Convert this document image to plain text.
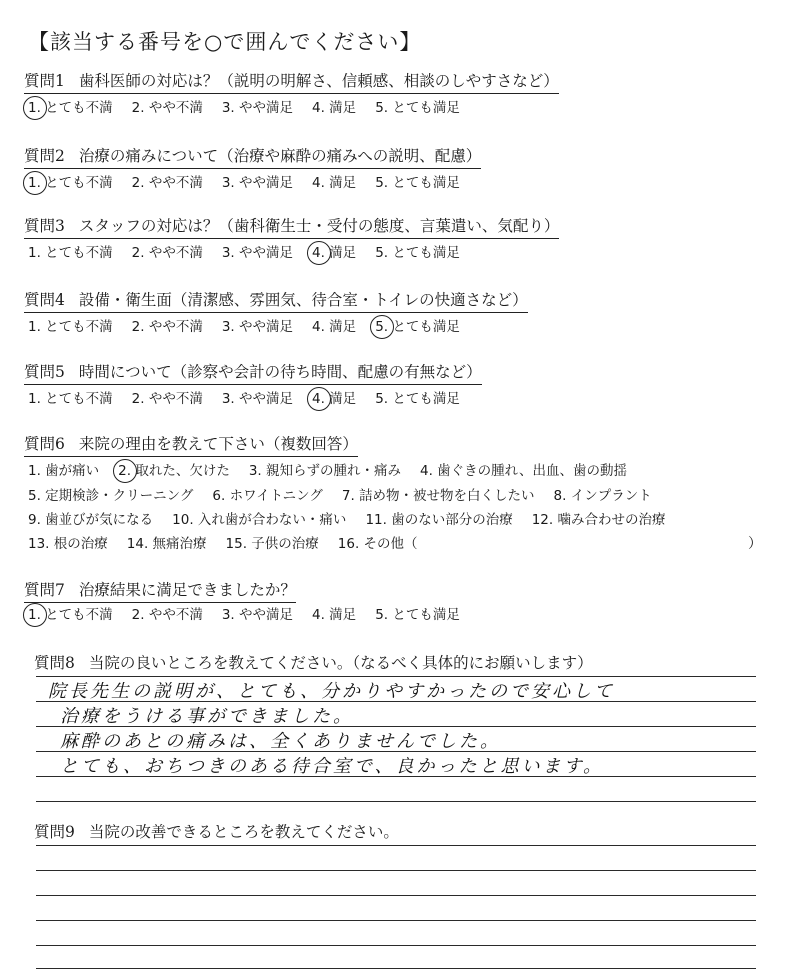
【該当する番号を○で囲んでください】
質問1 歯科医師の対応は？（説明の明解さ、信頼感、相談のしやすさなど）
1. とても不満 2. やや不満 3. やや満足 4. 満足 5. とても満足
質問2 治療の痛みについて（治療や麻酔の痛みへの説明、配慮）
1. とても不満 2. やや不満 3. やや満足 4. 満足 5. とても満足
質問3 スタッフの対応は？（歯科衛生士・受付の態度、言葉遣い、気配り）
1. とても不満 2. やや不満 3. やや満足 4. 満足 5. とても満足
質問4 設備・衛生面（清潔感、雰囲気、待合室・トイレの快適さなど）
1. とても不満 2. やや不満 3. やや満足 4. 満足 5. とても満足
質問5 時間について（診察や会計の待ち時間、配慮の有無など）
1. とても不満 2. やや不満 3. やや満足 4. 満足 5. とても満足
質問6 来院の理由を教えて下さい（複数回答）
1. 歯が痛い 2. 取れた、欠けた 3. 親知らずの腫れ・痛み 4. 歯ぐきの腫れ、出血、歯の動揺
5. 定期検診・クリーニング 6. ホワイトニング 7. 詰め物・被せ物を白くしたい 8. インプラント
9. 歯並びが気になる 10. 入れ歯が合わない・痛い 11. 歯のない部分の治療 12. 噛み合わせの治療
13. 根の治療 14. 無痛治療 15. 子供の治療 16. その他（	）
質問7 治療結果に満足できましたか？
1. とても不満 2. やや不満 3. やや満足 4. 満足 5. とても満足
質問8 当院の良いところを教えてください。（なるべく具体的にお願いします）
院長先生の説明が、とても、分かりやすかったので安心して
治療をうける事ができました。
麻酔のあとの痛みは、全くありませんでした。
とても、おちつきのある待合室で、良かったと思います。
質問9 当院の改善できるところを教えてください。
